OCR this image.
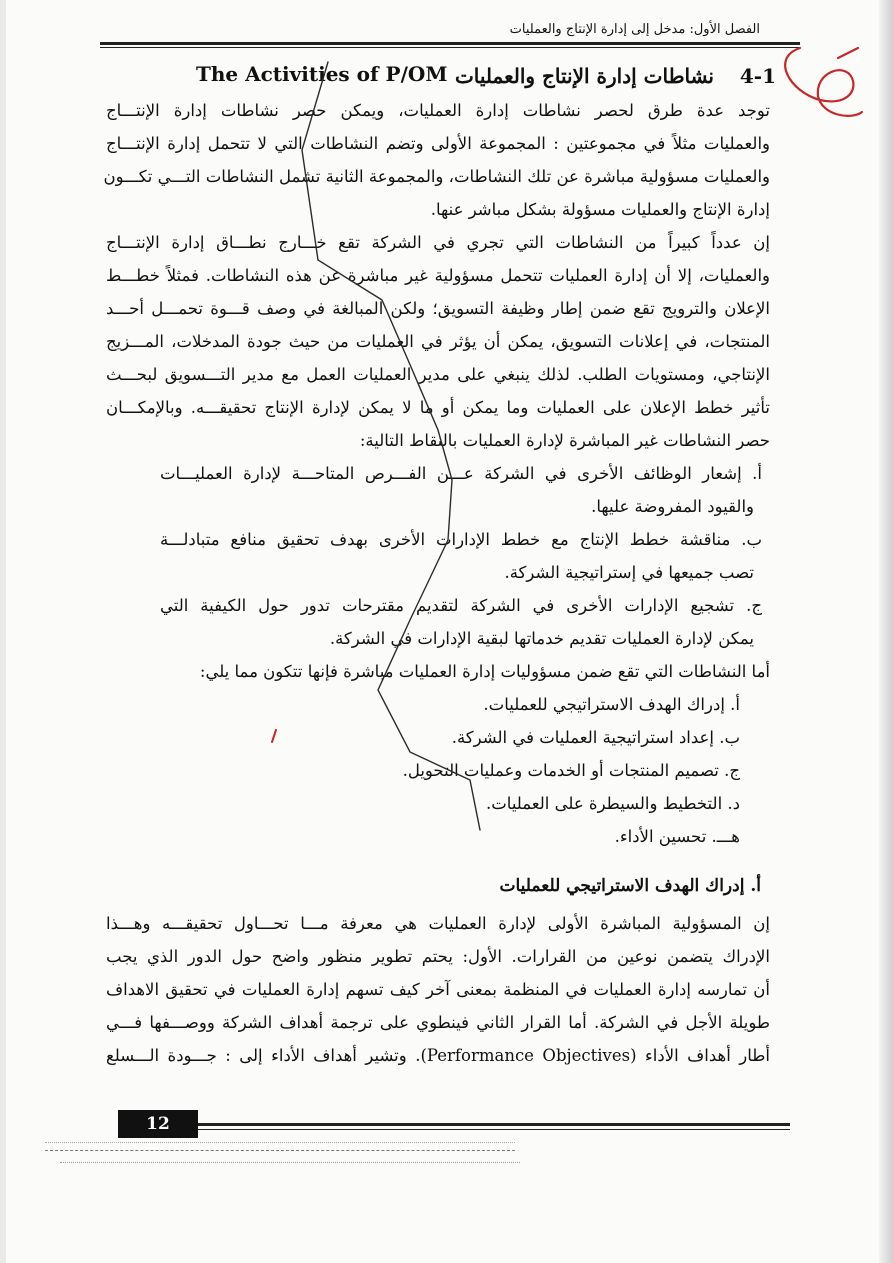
الفصل الأول: مدخل إلى إدارة الإنتاج والعمليات
4-1
نشاطات إدارة الإنتاج والعمليات
The Activities of P/OM
توجد عدة طرق لحصر نشاطات إدارة العمليات، ويمكن حصر نشاطات إدارة الإنتـــاج
والعمليات مثلاً في مجموعتين : المجموعة الأولى وتضم النشاطات التي لا تتحمل إدارة الإنتـــاج
والعمليات مسؤولية مباشرة عن تلك النشاطات، والمجموعة الثانية تشمل النشاطات التـــي تكـــون
إدارة الإنتاج والعمليات مسؤولة بشكل مباشر عنها.
إن عدداً كبيراً من النشاطات التي تجري في الشركة تقع خـــارج نطـــاق إدارة الإنتـــاج
والعمليات، إلا أن إدارة العمليات تتحمل مسؤولية غير مباشرة عن هذه النشاطات. فمثلاً خطـــط
الإعلان والترويج تقع ضمن إطار وظيفة التسويق؛ ولكن المبالغة في وصف قـــوة تحمـــل أحـــد
المنتجات، في إعلانات التسويق، يمكن أن يؤثر في العمليات من حيث جودة المدخلات، المـــزيج
الإنتاجي، ومستويات الطلب. لذلك ينبغي على مدير العمليات العمل مع مدير التـــسويق لبحـــث
تأثير خطط الإعلان على العمليات وما يمكن أو ما لا يمكن لإدارة الإنتاج تحقيقـــه. وبالإمكـــان
حصر النشاطات غير المباشرة لإدارة العمليات بالنقاط التالية:
أ. إشعار الوظائف الأخرى في الشركة عـــن الفـــرص المتاحـــة لإدارة العمليـــات
والقيود المفروضة عليها.
ب. مناقشة خطط الإنتاج مع خطط الإدارات الأخرى بهدف تحقيق منافع متبادلـــة
تصب جميعها في إستراتيجية الشركة.
ج. تشجيع الإدارات الأخرى في الشركة لتقديم مقترحات تدور حول الكيفية التي
يمكن لإدارة العمليات تقديم خدماتها لبقية الإدارات في الشركة.
أما النشاطات التي تقع ضمن مسؤوليات إدارة العمليات مباشرة فإنها تتكون مما يلي:
أ. إدراك الهدف الاستراتيجي للعمليات.
ب. إعداد استراتيجية العمليات في الشركة.
ج. تصميم المنتجات أو الخدمات وعمليات التحويل.
د. التخطيط والسيطرة على العمليات.
هـــ. تحسين الأداء.
أ. إدراك الهدف الاستراتيجي للعمليات
إن المسؤولية المباشرة الأولى لإدارة العمليات هي معرفة مـــا تحـــاول تحقيقـــه وهـــذا
الإدراك يتضمن نوعين من القرارات. الأول: يحتم تطوير منظور واضح حول الدور الذي يجب
أن تمارسه إدارة العمليات في المنظمة بمعنى آخر كيف تسهم إدارة العمليات في تحقيق الاهداف
طويلة الأجل في الشركة. أما القرار الثاني فينطوي على ترجمة أهداف الشركة ووصـــفها فـــي
أطار أهداف الأداء (Performance Objectives). وتشير أهداف الأداء إلى : جـــودة الـــسلع
12
